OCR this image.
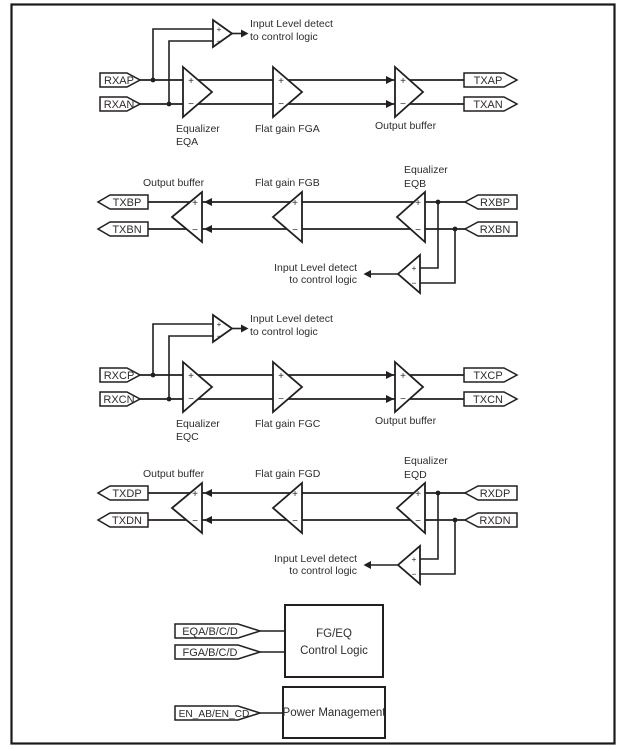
+
−
Input Level detect
to control logic
+
−
+
−
+
−
RXAP
RXAN
TXAP
TXAN
Equalizer
EQA
Flat gain FGA	Output buffer
+
−
+
−
+
−
+
−
Input Level detect
to control logic
TXBP
TXBN
RXBP
RXBN
Output buffer	Flat gain FGB
Equalizer
EQB
+
−
Input Level detect
to control logic
+
−
+
−
+
−
RXCP
RXCN
TXCP
TXCN
Equalizer
EQC
Flat gain FGC	Output buffer
+
−
+
−
+
−
+
−
Input Level detect
to control logic
TXDP
TXDN
RXDP
RXDN
Output buffer	Flat gain FGD
Equalizer
EQD
EQA/B/C/D
FGA/B/C/D
FG/EQ
Control Logic
EN_AB/EN_CD	Power Management
